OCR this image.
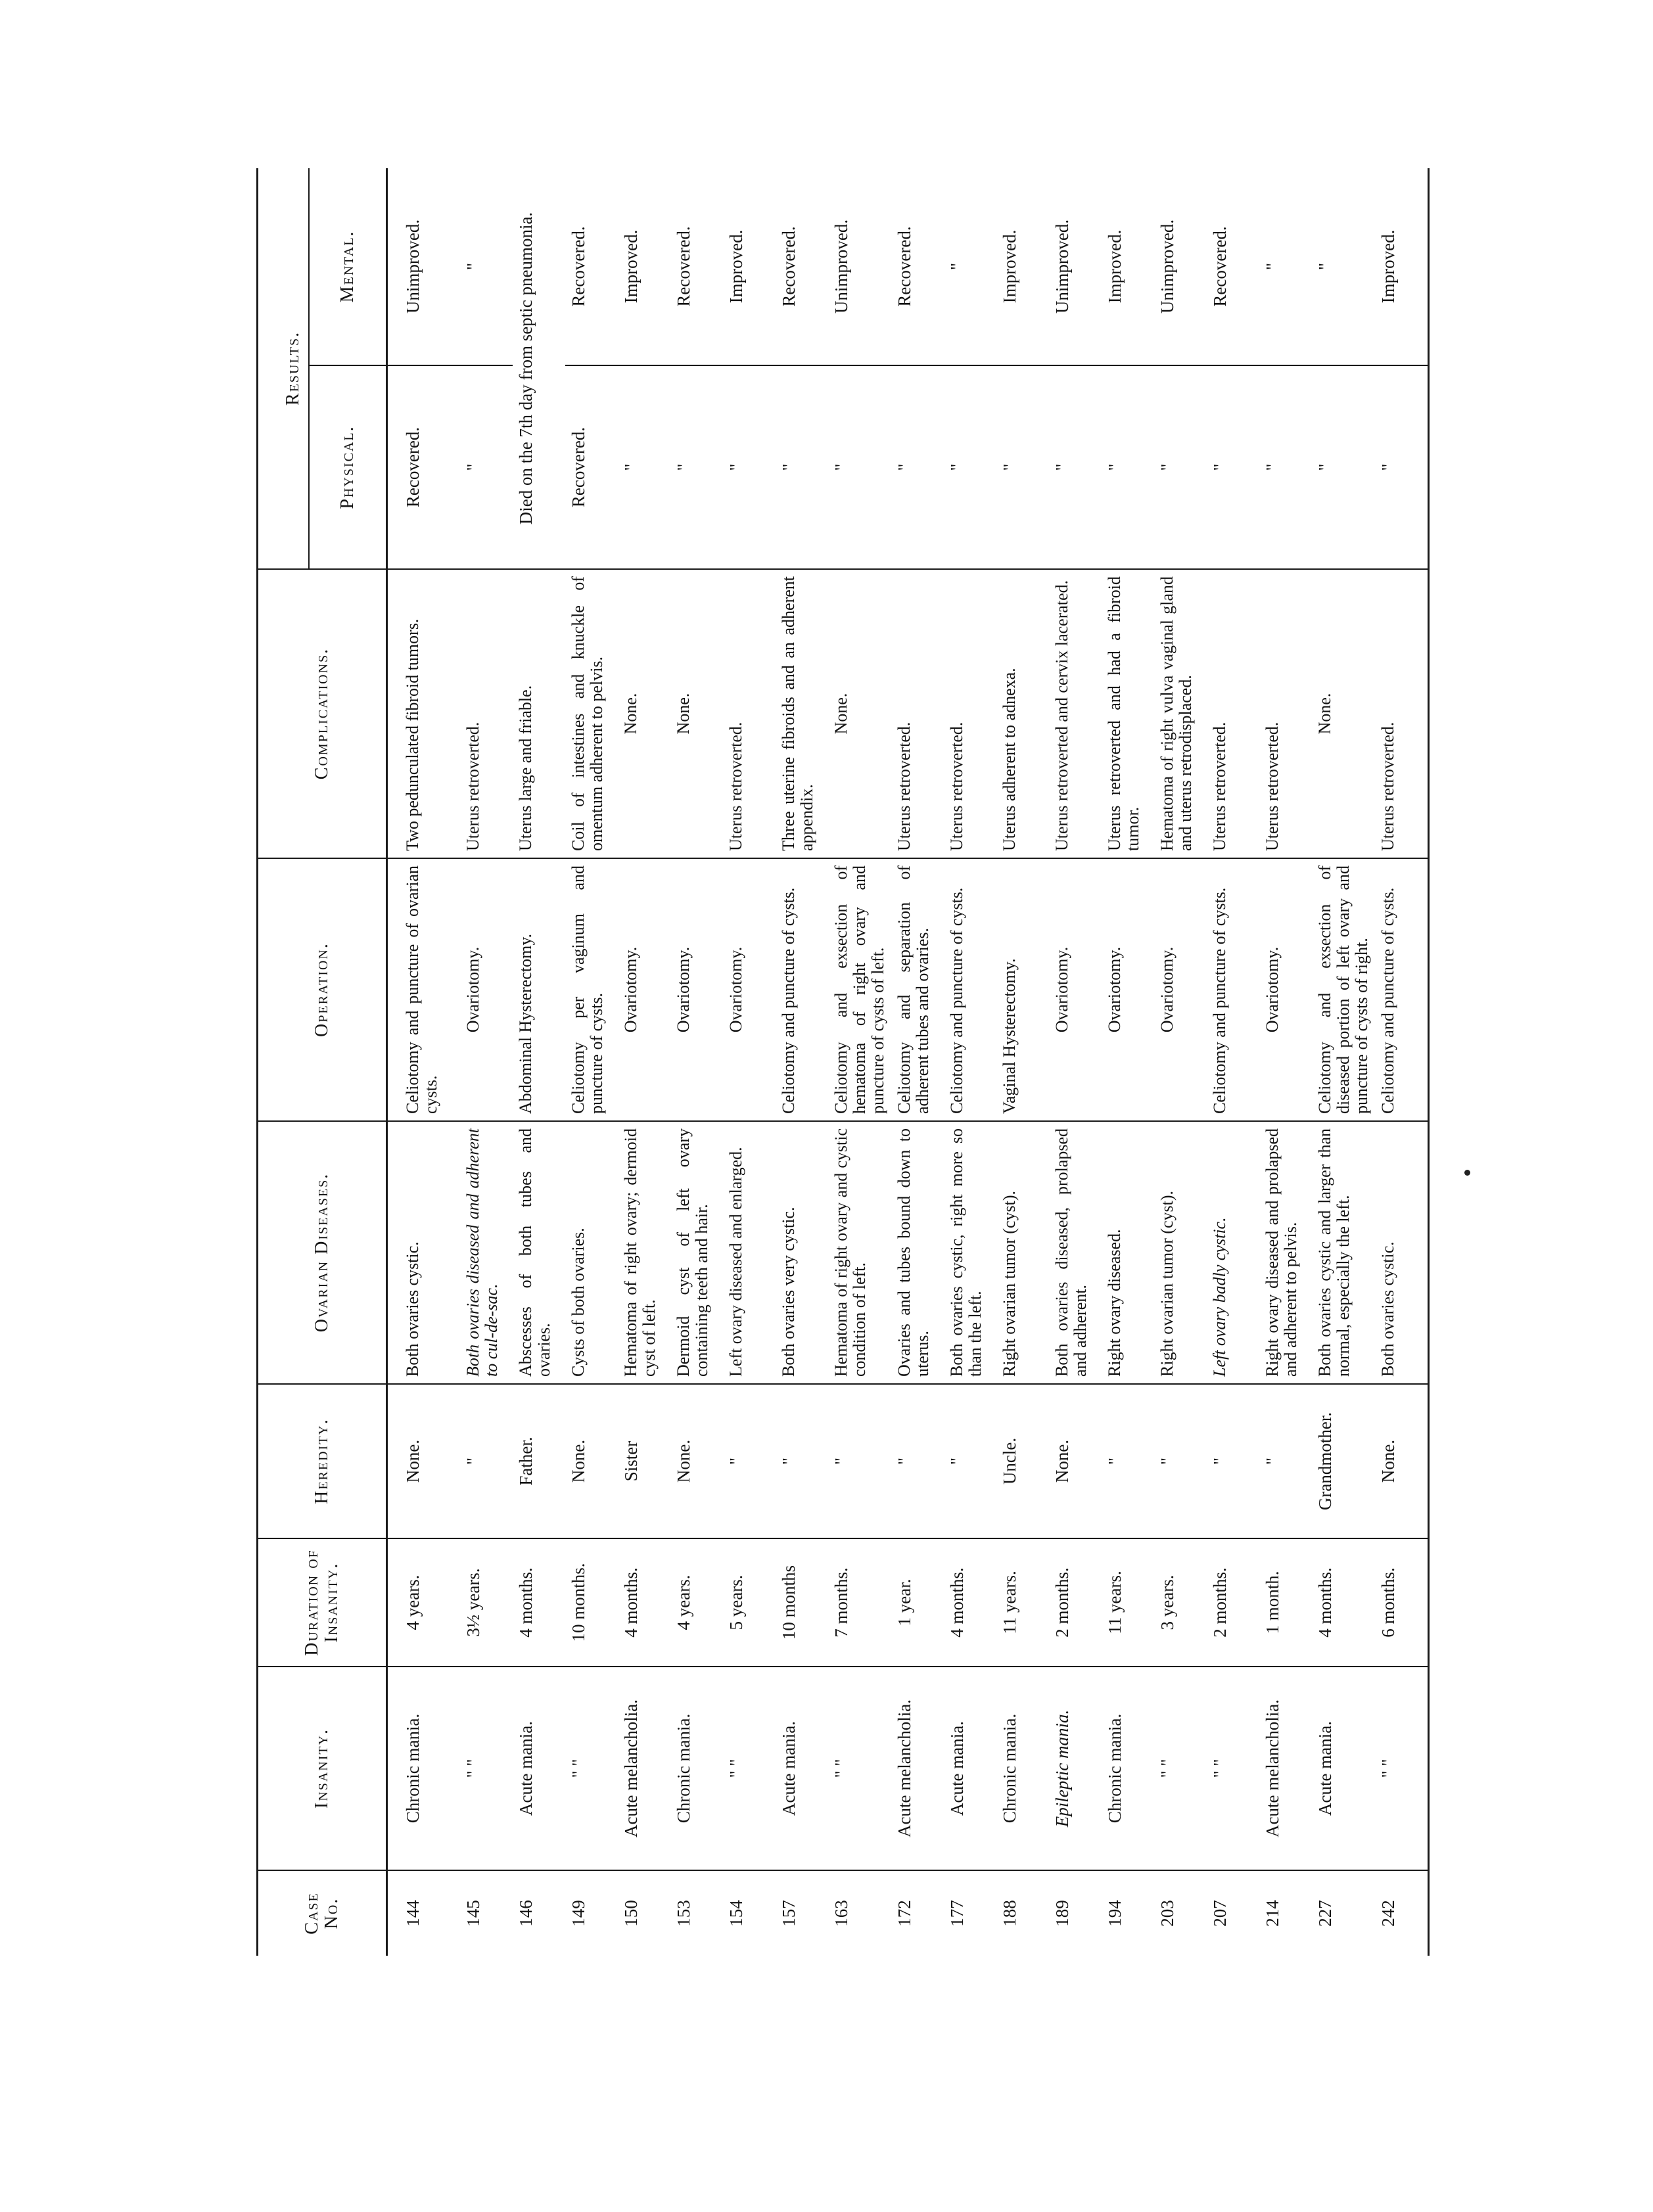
Case No.	Insanity.	Duration of Insanity.	Heredity.	Ovarian Diseases.	Operation.	Complications.	Results.	
							Physical.	Mental.
144	Chronic mania.	4 years.	None.	Both ovaries cystic.	Celiotomy and puncture of ovarian cysts.	Two pedunculated fibroid tumors.	Recovered.	Unimproved.
145	" "	3½ years.	"	Both ovaries diseased and adherent to cul-de-sac.	Ovariotomy.	Uterus retroverted.	"	"
146	Acute mania.	4 months.	Father.	Abscesses of both tubes and ovaries.	Abdominal Hysterectomy.	Uterus large and friable.	Died on the 7th day from septic pneumonia.	
149	" "	10 months.	None.	Cysts of both ovaries.	Celiotomy per vaginum and puncture of cysts.	Coil of intestines and knuckle of omentum adherent to pelvis.	Recovered.	Recovered.
150	Acute melancholia.	4 months.	Sister	Hematoma of right ovary; dermoid cyst of left.	Ovariotomy.	None.	"	Improved.
153	Chronic mania.	4 years.	None.	Dermoid cyst of left ovary containing teeth and hair.	Ovariotomy.	None.	"	Recovered.
154	" "	5 years.	"	Left ovary diseased and enlarged.	Ovariotomy.	Uterus retroverted.	"	Improved.
157	Acute mania.	10 months	"	Both ovaries very cystic.	Celiotomy and puncture of cysts.	Three uterine fibroids and an adherent appendix.	"	Recovered.
163	" "	7 months.	"	Hematoma of right ovary and cystic condition of left.	Celiotomy and exsection of hematoma of right ovary and puncture of cysts of left.	None.	"	Unimproved.
172	Acute melancholia.	1 year.	"	Ovaries and tubes bound down to uterus.	Celiotomy and separation of adherent tubes and ovaries.	Uterus retroverted.	"	Recovered.
177	Acute mania.	4 months.	"	Both ovaries cystic, right more so than the left.	Celiotomy and puncture of cysts.	Uterus retroverted.	"	"
188	Chronic mania.	11 years.	Uncle.	Right ovarian tumor (cyst).	Vaginal Hysterectomy.	Uterus adherent to adnexa.	"	Improved.
189	Epileptic mania.	2 months.	None.	Both ovaries diseased, prolapsed and adherent.	Ovariotomy.	Uterus retroverted and cervix lacerated.	"	Unimproved.
194	Chronic mania.	11 years.	"	Right ovary diseased.	Ovariotomy.	Uterus retroverted and had a fibroid tumor.	"	Improved.
203	" "	3 years.	"	Right ovarian tumor (cyst).	Ovariotomy.	Hematoma of right vulva vaginal gland and uterus retrodisplaced.	"	Unimproved.
207	" "	2 months.	"	Left ovary badly cystic.	Celiotomy and puncture of cysts.	Uterus retroverted.	"	Recovered.
214	Acute melancholia.	1 month.	"	Right ovary diseased and prolapsed and adherent to pelvis.	Ovariotomy.	Uterus retroverted.	"	"
227	Acute mania.	4 months.	Grandmother.	Both ovaries cystic and larger than normal, especially the left.	Celiotomy and exsection of diseased portion of left ovary and puncture of cysts of right.	None.	"	"
242	" "	6 months.	None.	Both ovaries cystic.	Celiotomy and puncture of cysts.	Uterus retroverted.	"	Improved.
